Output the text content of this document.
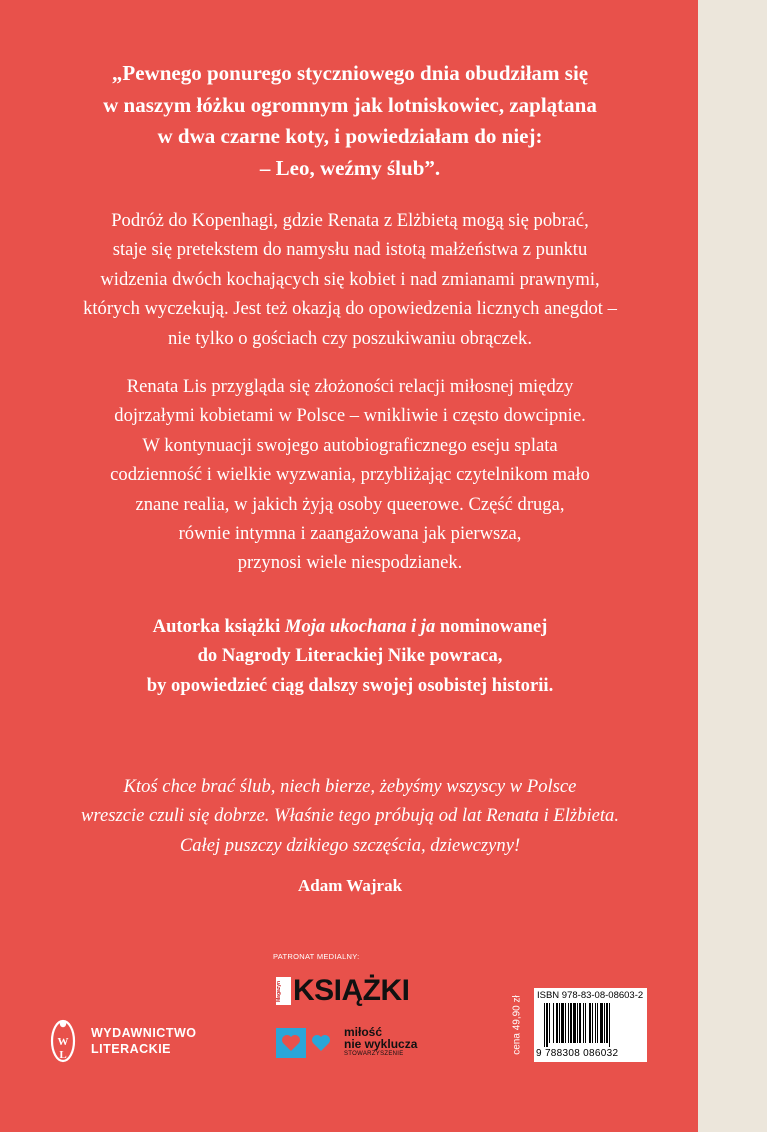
„Pewnego ponurego styczniowego dnia obudziłam się
w naszym łóżku ogromnym jak lotniskowiec, zaplątana
w dwa czarne koty, i powiedziałam do niej:
– Leo, weźmy ślub”.
Podróż do Kopenhagi, gdzie Renata z Elżbietą mogą się pobrać,
staje się pretekstem do namysłu nad istotą małżeństwa z punktu
widzenia dwóch kochających się kobiet i nad zmianami prawnymi,
których wyczekują. Jest też okazją do opowiedzenia licznych anegdot –
nie tylko o gościach czy poszukiwaniu obrączek.
Renata Lis przygląda się złożoności relacji miłosnej między
dojrzałymi kobietami w Polsce – wnikliwie i często dowcipnie.
W kontynuacji swojego autobiograficznego eseju splata
codzienność i wielkie wyzwania, przybliżając czytelnikom mało
znane realia, w jakich żyją osoby queerowe. Część druga,
równie intymna i zaangażowana jak pierwsza,
przynosi wiele niespodzianek.
Autorka książki Moja ukochana i ja nominowanej
do Nagrody Literackiej Nike powraca,
by opowiedzieć ciąg dalszy swojej osobistej historii.
Ktoś chce brać ślub, niech bierze, żebyśmy wszyscy w Polsce
wreszcie czuli się dobrze. Właśnie tego próbują od lat Renata i Elżbieta.
Całej puszczy dzikiego szczęścia, dziewczyny!
Adam Wajrak
W
L
WYDAWNICTWO
LITERACKIE
PATRONAT MEDIALNY:
Magazyn KSIĄŻKI
miłość
nie wyklucza
STOWARZYSZENIE	cena 49,90 zł ISBN 978-83-08-08603-2
9 788308 086032
